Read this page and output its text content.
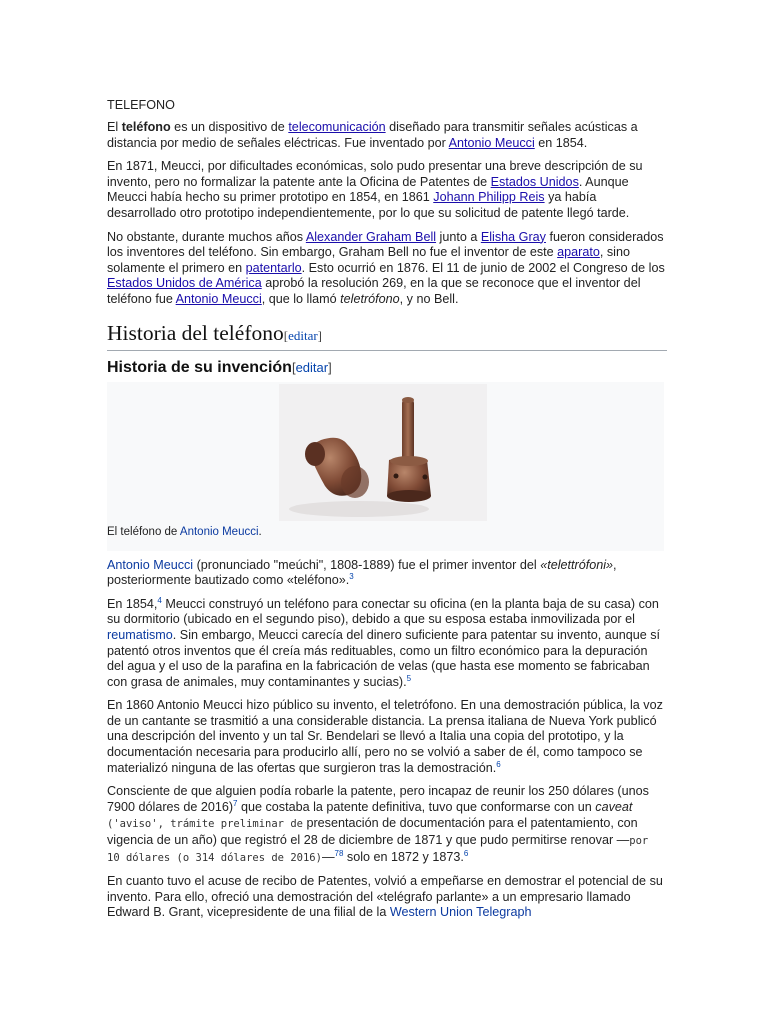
TELEFONO

El teléfono es un dispositivo de telecomunicación diseñado para transmitir señales acústicas a distancia por medio de señales eléctricas. Fue inventado por Antonio Meucci en 1854.

En 1871, Meucci, por dificultades económicas, solo pudo presentar una breve descripción de su invento, pero no formalizar la patente ante la Oficina de Patentes de Estados Unidos. Aunque Meucci había hecho su primer prototipo en 1854, en 1861 Johann Philipp Reis ya había desarrollado otro prototipo independientemente, por lo que su solicitud de patente llegó tarde.

No obstante, durante muchos años Alexander Graham Bell junto a Elisha Gray fueron considerados los inventores del teléfono. Sin embargo, Graham Bell no fue el inventor de este aparato, sino solamente el primero en patentarlo. Esto ocurrió en 1876. El 11 de junio de 2002 el Congreso de los Estados Unidos de América aprobó la resolución 269, en la que se reconoce que el inventor del teléfono fue Antonio Meucci, que lo llamó teletrófono, y no Bell.

Historia del teléfono[editar]
Historia de su invención[editar]
El teléfono de Antonio Meucci.

Antonio Meucci (pronunciado "meúchi", 1808-1889) fue el primer inventor del «telettrófoni», posteriormente bautizado como «teléfono».$^3$

En 1854,$^4$ Meucci construyó un teléfono para conectar su oficina (en la planta baja de su casa) con su dormitorio (ubicado en el segundo piso), debido a que su esposa estaba inmovilizada por el reumatismo. Sin embargo, Meucci carecía del dinero suficiente para patentar su invento, aunque sí patentó otros inventos que él creía más redituables, como un filtro económico para la depuración del agua y el uso de la parafina en la fabricación de velas (que hasta ese momento se fabricaban con grasa de animales, muy contaminantes y sucias).$^5$

En 1860 Antonio Meucci hizo público su invento, el teletrófono. En una demostración pública, la voz de un cantante se trasmitió a una considerable distancia. La prensa italiana de Nueva York publicó una descripción del invento y un tal Sr. Bendelari se llevó a Italia una copia del prototipo, y la documentación necesaria para producirlo allí, pero no se volvió a saber de él, como tampoco se materializó ninguna de las ofertas que surgieron tras la demostración.$^6$

Consciente de que alguien podía robarle la patente, pero incapaz de reunir los 250 dólares (unos 7900 dólares de 2016)$^7$ que costaba la patente definitiva, tuvo que conformarse con un caveat ('aviso', trámite preliminar de presentación de documentación para el patentamiento, con vigencia de un año) que registró el 28 de diciembre de 1871 y que pudo permitirse renovar —por 10 dólares (o 314 dólares de 2016)—$^{78}$ solo en 1872 y 1873.$^6$

En cuanto tuvo el acuse de recibo de Patentes, volvió a empeñarse en demostrar el potencial de su invento. Para ello, ofreció una demostración del «telégrafo parlante» a un empresario llamado Edward B. Grant, vicepresidente de una filial de la Western Union Telegraph
